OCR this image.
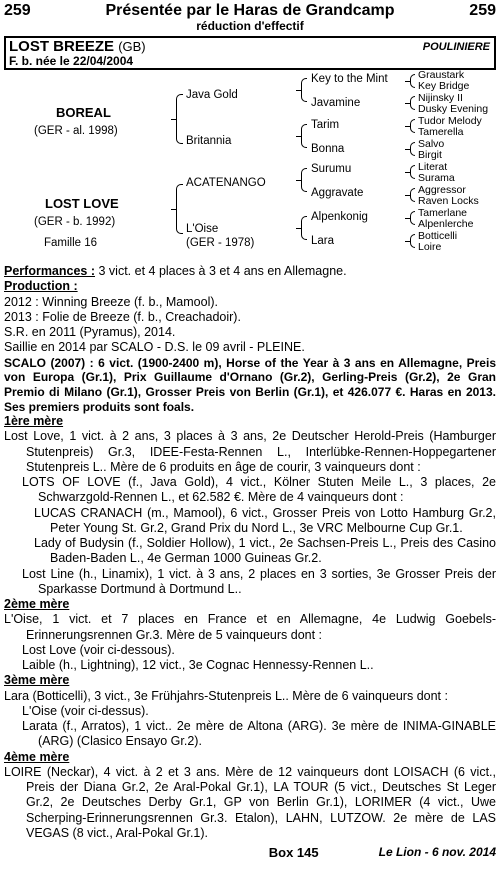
259	Présentée par le Haras de Grandcamp	259
réduction d'effectif
LOST BREEZE (GB)	POULINIERE
F. b. née le 22/04/2004
BOREAL
(GER - al. 1998)
LOST LOVE
(GER - b. 1992)
Famille 16
Java Gold
Britannia
ACATENANGO
L'Oise
(GER - 1978)
Key to the Mint
Javamine
Tarim
Bonna
Surumu
Aggravate
Alpenkonig
Lara
Graustark
Key Bridge
Nijinsky II
Dusky Evening
Tudor Melody
Tamerella
Salvo
Birgit
Literat
Surama
Aggressor
Raven Locks
Tamerlane
Alpenlerche
Botticelli
Loire

Performances : 3 vict. et 4 places à 3 et 4 ans en Allemagne.

Production :

2012 : Winning Breeze (f. b., Mamool).

2013 : Folie de Breeze (f. b., Creachadoir).

S.R. en 2011 (Pyramus), 2014.

Saillie en 2014 par SCALO - D.S. le 09 avril - PLEINE.

SCALO (2007) : 6 vict. (1900-2400 m), Horse of the Year à 3 ans en Allemagne, Preis von Europa (Gr.1), Prix Guillaume d'Ornano (Gr.2), Gerling-Preis (Gr.2), 2e Gran Premio di Milano (Gr.1), Grosser Preis von Berlin (Gr.1), et 426.077 €. Haras en 2013. Ses premiers produits sont foals.

1ère mère

Lost Love, 1 vict. à 2 ans, 3 places à 3 ans, 2e Deutscher Herold-Preis (Hamburger Stutenpreis) Gr.3, IDEE-Festa-Rennen L., Interlübke-Rennen-Hoppegartener Stutenpreis L.. Mère de 6 produits en âge de courir, 3 vainqueurs dont :

LOTS OF LOVE (f., Java Gold), 4 vict., Kölner Stuten Meile L., 3 places, 2e Schwarzgold-Rennen L., et 62.582 €. Mère de 4 vainqueurs dont :

LUCAS CRANACH (m., Mamool), 6 vict., Grosser Preis von Lotto Hamburg Gr.2, Peter Young St. Gr.2, Grand Prix du Nord L., 3e VRC Melbourne Cup Gr.1.

Lady of Budysin (f., Soldier Hollow), 1 vict., 2e Sachsen-Preis L., Preis des Casino Baden-Baden L., 4e German 1000 Guineas Gr.2.

Lost Line (h., Linamix), 1 vict. à 3 ans, 2 places en 3 sorties, 3e Grosser Preis der Sparkasse Dortmund à Dortmund L..

2ème mère

L'Oise, 1 vict. et 7 places en France et en Allemagne, 4e Ludwig Goebels-Erinnerungsrennen Gr.3. Mère de 5 vainqueurs dont :

Lost Love (voir ci-dessous).

Laible (h., Lightning), 12 vict., 3e Cognac Hennessy-Rennen L..

3ème mère

Lara (Botticelli), 3 vict., 3e Frühjahrs-Stutenpreis L.. Mère de 6 vainqueurs dont :

L'Oise (voir ci-dessus).

Larata (f., Arratos), 1 vict.. 2e mère de Altona (ARG). 3e mère de INIMA-GINABLE (ARG) (Clasico Ensayo Gr.2).

4ème mère

LOIRE (Neckar), 4 vict. à 2 et 3 ans. Mère de 12 vainqueurs dont LOISACH (6 vict., Preis der Diana Gr.2, 2e Aral-Pokal Gr.1), LA TOUR (5 vict., Deutsches St Leger Gr.2, 2e Deutsches Derby Gr.1, GP von Berlin Gr.1), LORIMER (4 vict., Uwe Scherping-Erinnerungsrennen Gr.3. Etalon), LAHN, LUTZOW. 2e mère de LAS VEGAS (8 vict., Aral-Pokal Gr.1).

Box 145	Le Lion - 6 nov. 2014
